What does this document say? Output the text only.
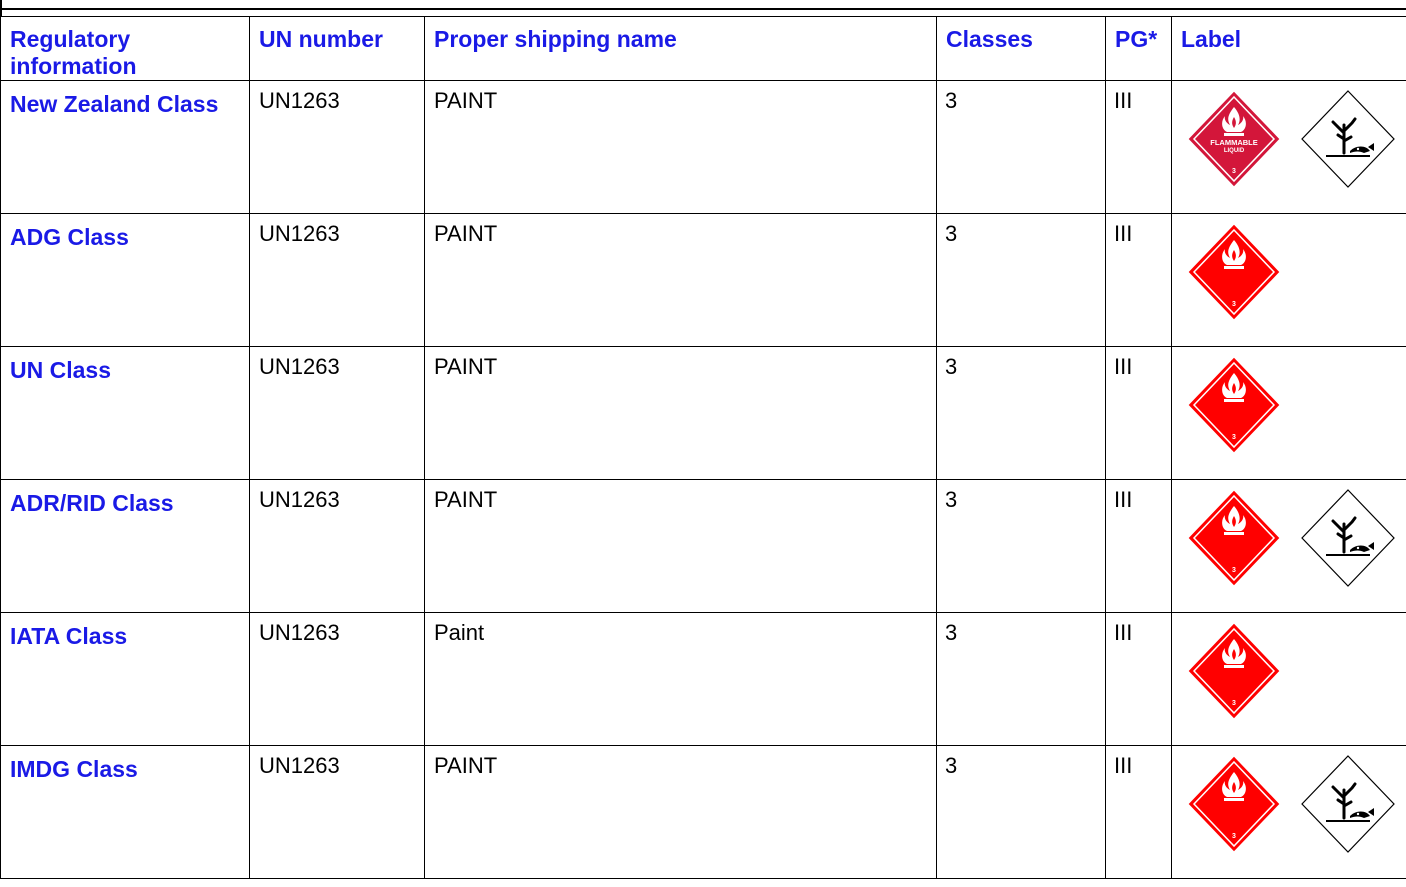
Regulatory information	UN number	Proper shipping name	Classes	PG*	Label
New Zealand Class	UN1263	PAINT	3	III	FLAMMABLE
LIQUID
3

ADG Class	UN1263	PAINT	3	III	3

UN Class	UN1263	PAINT	3	III	3

ADR/RID Class	UN1263	PAINT	3	III	3

IATA Class	UN1263	Paint	3	III	3

IMDG Class	UN1263	PAINT	3	III	3
